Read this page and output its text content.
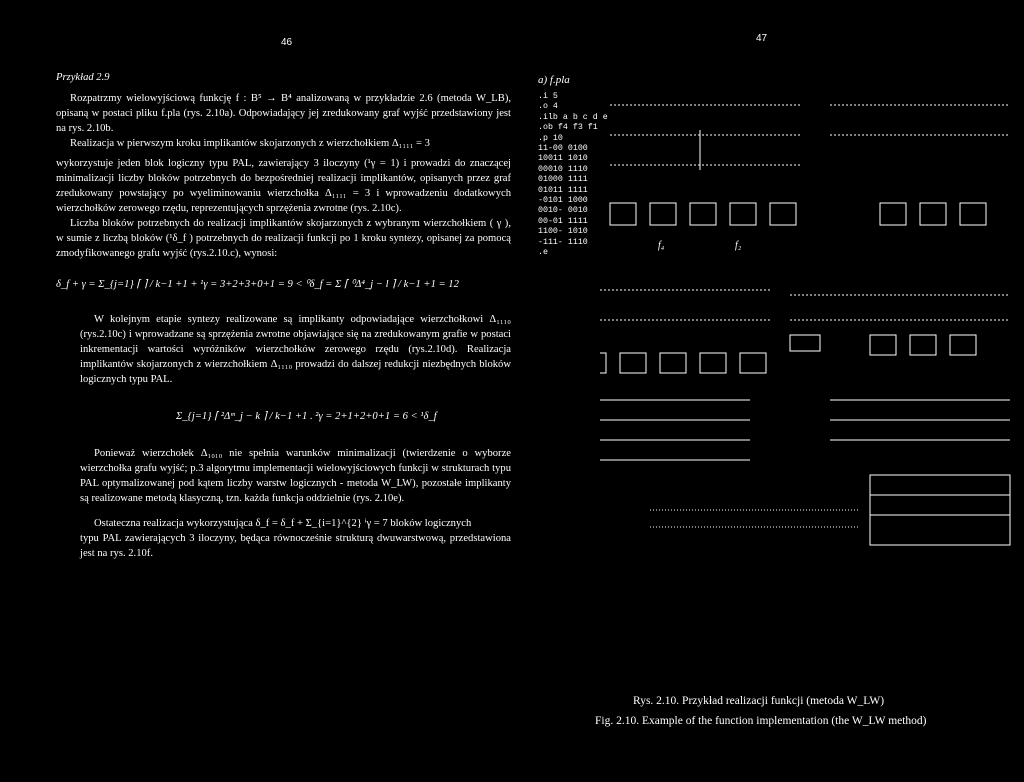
46	47

Przykład 2.9

Rozpatrzmy wielowyjściową funkcję f : B⁵ → B⁴ analizowaną w przykładzie 2.6 (metoda W_LB), opisaną w postaci pliku f.pla (rys. 2.10a). Odpowiadający jej zredukowany graf wyjść przedstawiony jest na rys. 2.10b.

Realizacja w pierwszym kroku implikantów skojarzonych z wierzchołkiem Δ₁₁₁₁ = 3

wykorzystuje jeden blok logiczny typu PAL, zawierający 3 iloczyny (¹γ = 1) i prowadzi do znaczącej minimalizacji liczby bloków potrzebnych do bezpośredniej realizacji implikantów, opisanych przez graf zredukowany powstający po wyeliminowaniu wierzchołka Δ₁₁₁₁ = 3 i wprowadzeniu dodatkowych wierzchołków zerowego rzędu, reprezentujących sprzężenia zwrotne (rys. 2.10c).

Liczba bloków potrzebnych do realizacji implikantów skojarzonych z wybranym wierzchołkiem ( γ ), w sumie z liczbą bloków (¹δ_f ) potrzebnych do realizacji funkcji po 1 kroku syntezy, opisanej za pomocą zmodyfikowanego grafu wyjść (rys.2.10.c), wynosi:

δ_f + γ = Σ_{j=1} ⌈ ⌉ / k−1 +1 + ¹γ = 3+2+3+0+1 = 9 < ⁰δ_f = Σ ⌈ ⁰Δ⁴_j − l ⌉ / k−1 +1 = 12

W kolejnym etapie syntezy realizowane są implikanty odpowiadające wierzchołkowi Δ₁₁₁₀ (rys.2.10c) i wprowadzane są sprzężenia zwrotne objawiające się na zredukowanym grafie w postaci inkrementacji wartości wyróżników wierzchołków zerowego rzędu (rys.2.10d). Realizacja implikantów skojarzonych z wierzchołkiem Δ₁₁₁₀ prowadzi do dalszej redukcji niezbędnych bloków logicznych typu PAL.

Σ_{j=1} ⌈ ²Δᵐ_j − k ⌉ / k−1 +1 . ²γ = 2+1+2+0+1 = 6 < ¹δ_f

Ponieważ wierzchołek Δ₁₀₁₀ nie spełnia warunków minimalizacji (twierdzenie o wyborze wierzchołka grafu wyjść; p.3 algorytmu implementacji wielowyjściowych funkcji w strukturach typu PAL optymalizowanej pod kątem liczby warstw logicznych - metoda W_LW), pozostałe implikanty są realizowane metodą klasyczną, tzn. każda funkcja oddzielnie (rys. 2.10e).

Ostateczna realizacja wykorzystująca δ_f = δ_f + Σ_{i=1}^{2} ⁱγ = 7 bloków logicznych

typu PAL zawierających 3 iloczyny, będąca równocześnie strukturą dwuwarstwową, przedstawiona jest na rys. 2.10f.

a) f.pla
.i 5
.o 4
.ilb a b c d e
.ob f4 f3 f1
.p 10
11-00 0100
10011 1010
00010 1110
01000 1111
01011 1111
-0101 1000
0010- 0010
00-01 1111
1100- 1010
-111- 1110
.e
f₄	f₂
Rys. 2.10. Przykład realizacji funkcji (metoda W_LW)
Fig. 2.10. Example of the function implementation (the W_LW method)
